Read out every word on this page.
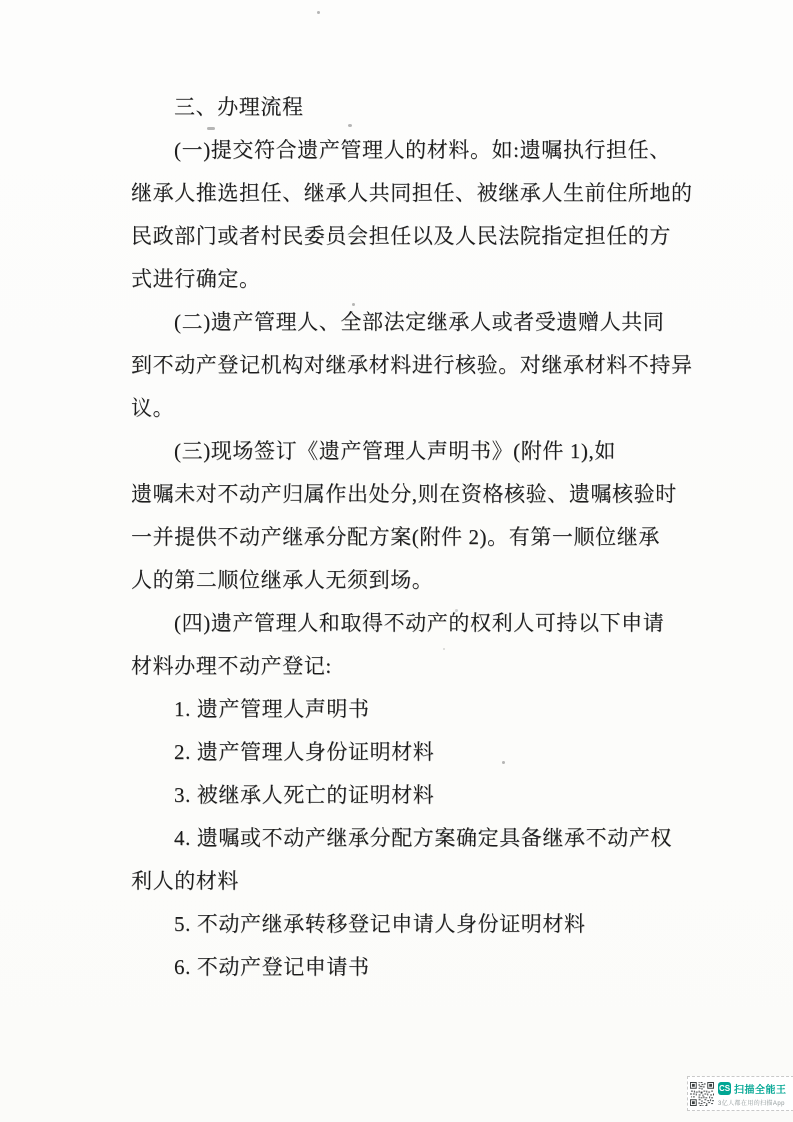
三、办理流程
(一)提交符合遗产管理人的材料。如:遗嘱执行担任、
继承人推选担任、继承人共同担任、被继承人生前住所地的
民政部门或者村民委员会担任以及人民法院指定担任的方
式进行确定。
(二)遗产管理人、全部法定继承人或者受遗赠人共同
到不动产登记机构对继承材料进行核验。对继承材料不持异
议。
(三)现场签订《遗产管理人声明书》(附件 1),如
遗嘱未对不动产归属作出处分,则在资格核验、遗嘱核验时
一并提供不动产继承分配方案(附件 2)。有第一顺位继承
人的第二顺位继承人无须到场。
(四)遗产管理人和取得不动产的权利人可持以下申请
材料办理不动产登记:
1. 遗产管理人声明书
2. 遗产管理人身份证明材料
3. 被继承人死亡的证明材料
4. 遗嘱或不动产继承分配方案确定具备继承不动产权
利人的材料
5. 不动产继承转移登记申请人身份证明材料
6. 不动产登记申请书
CS 扫描全能王
3亿人都在用的扫描App
